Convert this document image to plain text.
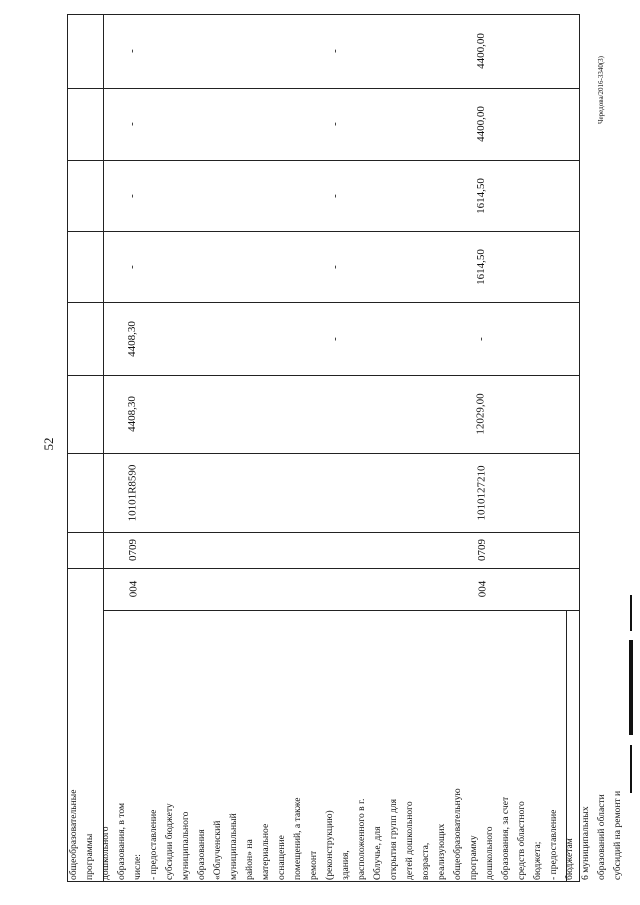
52
общеобразовательные
программы
дошкольного
образования, в том
числе:
- предоставление
субсидии бюджету
муниципального
образования
«Облученский
муниципальный
район» на
материальное
оснащение
помещений, а также
ремонт
(реконструкцию)
здания,
расположенного в г.
Облучье, для
открытия групп для
детей дошкольного
возраста,
реализующих
общеобразовательную
программу
дошкольного
образования, за счет
средств областного
бюджета;
- предоставление
бюджетам
6 муниципальных
образований области
субсидий на ремонт и
004
0709
10101R8590
4408,30
4408,30
-
-
-
-
-
-
-
-
-
004
0709
1010127210
12029,00
-
1614,50
1614,50
4400,00
4400,00
Чередова/2016-3340(3)
